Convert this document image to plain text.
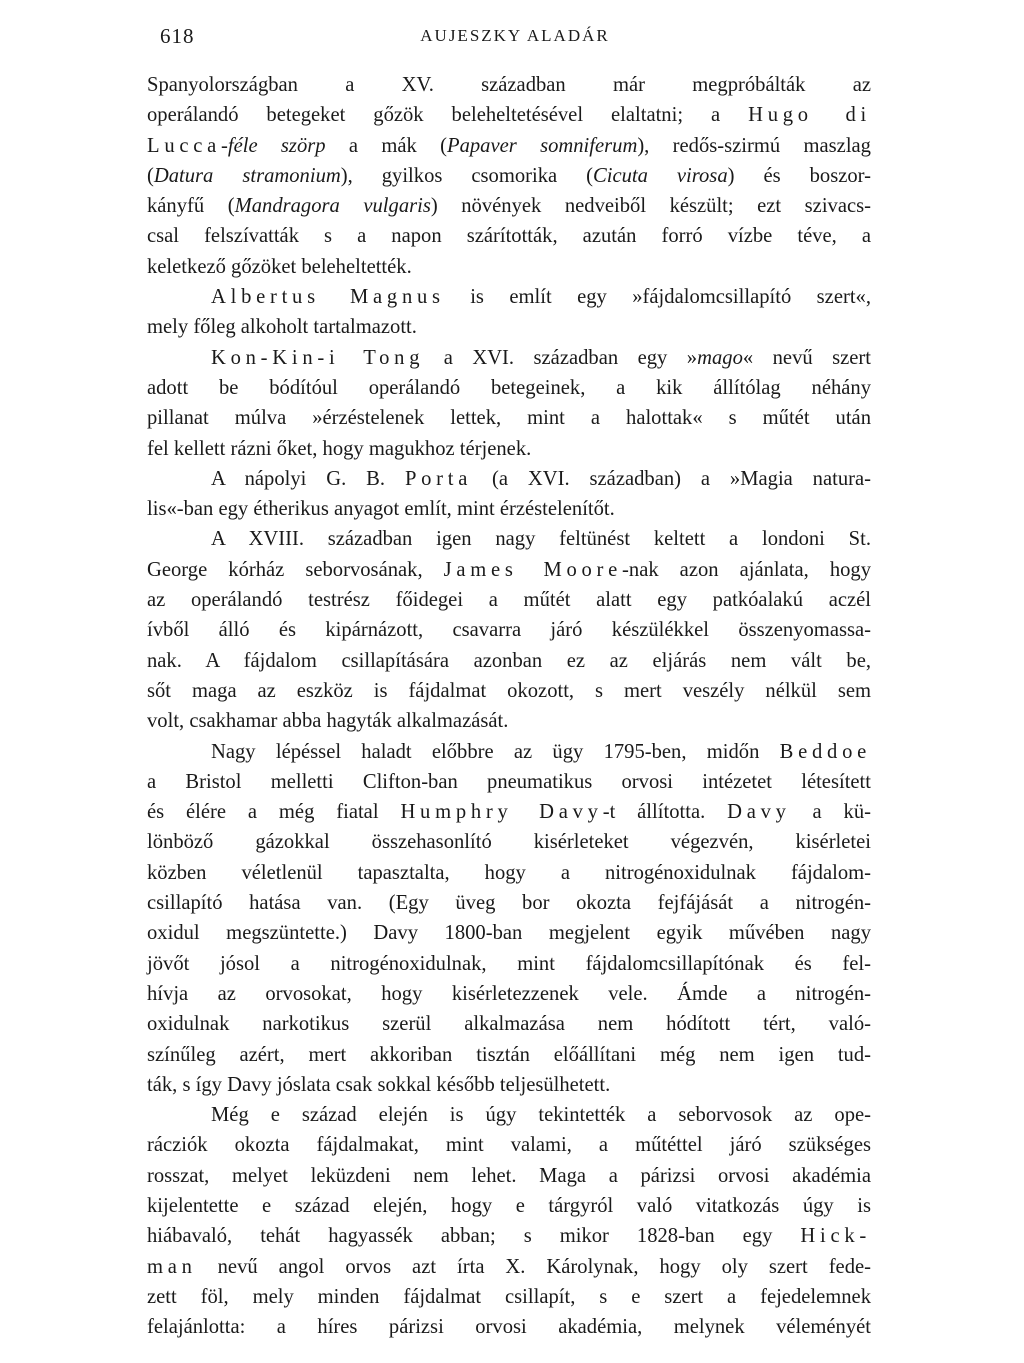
618	AUJESZKY ALADÁR
Spanyolországban a XV. században már megpróbálták az
operálandó betegeket gőzök beleheltetésével elaltatni; a Hugo di
Lucca-féle szörp a mák (Papaver somniferum), redős-szirmú maszlag
(Datura stramonium), gyilkos csomorika (Cicuta virosa) és boszor-
kányfű (Mandragora vulgaris) növények nedveiből készült; ezt szivacs-
csal felszívatták s a napon szárították, azután forró vízbe téve, a
keletkező gőzöket beleheltették.
Albertus Magnus is említ egy »fájdalomcsillapító szert«,
mely főleg alkoholt tartalmazott.
Kon-Kin-i Tong a XVI. században egy »mago« nevű szert
adott be bódítóul operálandó betegeinek, a kik állítólag néhány
pillanat múlva »érzéstelenek lettek, mint a halottak« s műtét után
fel kellett rázni őket, hogy magukhoz térjenek.
A nápolyi G. B. Porta (a XVI. században) a »Magia natura-
lis«-ban egy étherikus anyagot említ, mint érzéstelenítőt.
A XVIII. században igen nagy feltünést keltett a londoni St.
George kórház seborvosának, James Moore-nak azon ajánlata, hogy
az operálandó testrész főidegei a műtét alatt egy patkóalakú aczél
ívből álló és kipárnázott, csavarra járó készülékkel összenyomassa-
nak. A fájdalom csillapítására azonban ez az eljárás nem vált be,
sőt maga az eszköz is fájdalmat okozott, s mert veszély nélkül sem
volt, csakhamar abba hagyták alkalmazását.
Nagy lépéssel haladt előbbre az ügy 1795-ben, midőn Beddoe
a Bristol melletti Clifton-ban pneumatikus orvosi intézetet létesített
és élére a még fiatal Humphry Davy-t állította. Davy a kü-
lönböző gázokkal összehasonlító kisérleteket végezvén, kisérletei
közben véletlenül tapasztalta, hogy a nitrogénoxidulnak fájdalom-
csillapító hatása van. (Egy üveg bor okozta fejfájását a nitrogén-
oxidul megszüntette.) Davy 1800-ban megjelent egyik művében nagy
jövőt jósol a nitrogénoxidulnak, mint fájdalomcsillapítónak és fel-
hívja az orvosokat, hogy kisérletezzenek vele. Ámde a nitrogén-
oxidulnak narkotikus szerül alkalmazása nem hódított tért, való-
színűleg azért, mert akkoriban tisztán előállítani még nem igen tud-
ták, s így Davy jóslata csak sokkal később teljesülhetett.
Még e század elején is úgy tekintették a seborvosok az ope-
rácziók okozta fájdalmakat, mint valami, a műtéttel járó szükséges
rosszat, melyet leküzdeni nem lehet. Maga a párizsi orvosi akadémia
kijelentette e század elején, hogy e tárgyról való vitatkozás úgy is
hiábavaló, tehát hagyassék abban; s mikor 1828-ban egy Hick-
man nevű angol orvos azt írta X. Károlynak, hogy oly szert fede-
zett föl, mely minden fájdalmat csillapít, s e szert a fejedelemnek
felajánlotta: a híres párizsi orvosi akadémia, melynek véleményét
